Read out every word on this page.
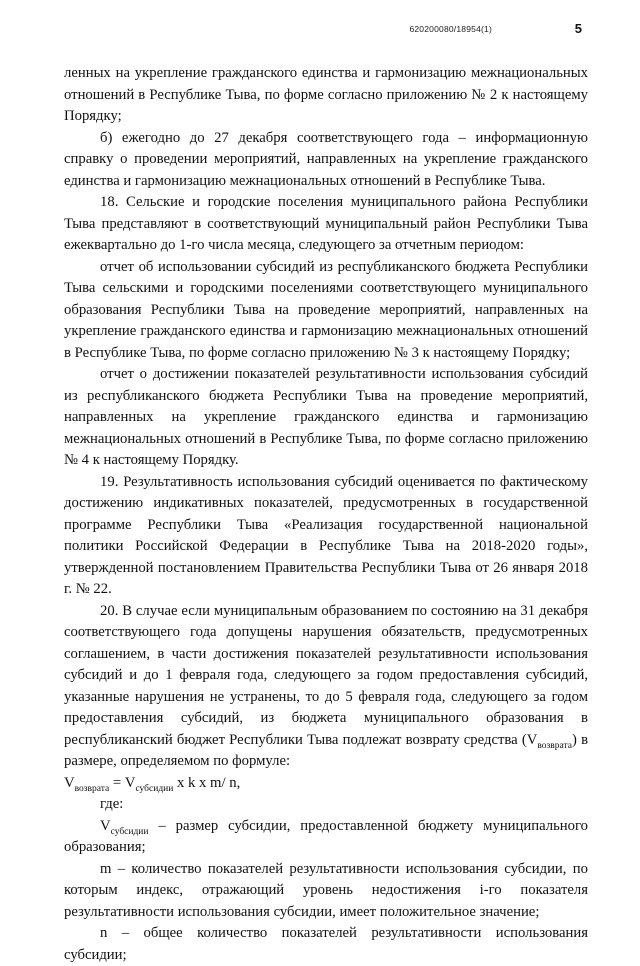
620200080/18954(1)	5

ленных на укрепление гражданского единства и гармонизацию межнациональных отношений в Республике Тыва, по форме согласно приложению № 2 к настоящему Порядку;

б) ежегодно до 27 декабря соответствующего года – информационную справку о проведении мероприятий, направленных на укрепление гражданского единства и гармонизацию межнациональных отношений в Республике Тыва.

18. Сельские и городские поселения муниципального района Республики Тыва представляют в соответствующий муниципальный район Республики Тыва ежеквартально до 1-го числа месяца, следующего за отчетным периодом:

отчет об использовании субсидий из республиканского бюджета Республики Тыва сельскими и городскими поселениями соответствующего муниципального образования Республики Тыва на проведение мероприятий, направленных на укрепление гражданского единства и гармонизацию межнациональных отношений в Республике Тыва, по форме согласно приложению № 3 к настоящему Порядку;

отчет о достижении показателей результативности использования субсидий из республиканского бюджета Республики Тыва на проведение мероприятий, направленных на укрепление гражданского единства и гармонизацию межнациональных отношений в Республике Тыва, по форме согласно приложению № 4 к настоящему Порядку.

19. Результативность использования субсидий оценивается по фактическому достижению индикативных показателей, предусмотренных в государственной программе Республики Тыва «Реализация государственной национальной политики Российской Федерации в Республике Тыва на 2018-2020 годы», утвержденной постановлением Правительства Республики Тыва от 26 января 2018 г. № 22.

20. В случае если муниципальным образованием по состоянию на 31 декабря соответствующего года допущены нарушения обязательств, предусмотренных соглашением, в части достижения показателей результативности использования субсидий и до 1 февраля года, следующего за годом предоставления субсидий, указанные нарушения не устранены, то до 5 февраля года, следующего за годом предоставления субсидий, из бюджета муниципального образования в республиканский бюджет Республики Тыва подлежат возврату средства $(V_{возврата})$ в размере, определяемом по формуле:

$V_{возврата} = V_{субсидии}$ x k x m/ n,

где:

$V_{субсидии}$ – размер субсидии, предоставленной бюджету муниципального образования;

m – количество показателей результативности использования субсидии, по которым индекс, отражающий уровень недостижения i-го показателя результативности использования субсидии, имеет положительное значение;

n – общее количество показателей результативности использования субсидии;
